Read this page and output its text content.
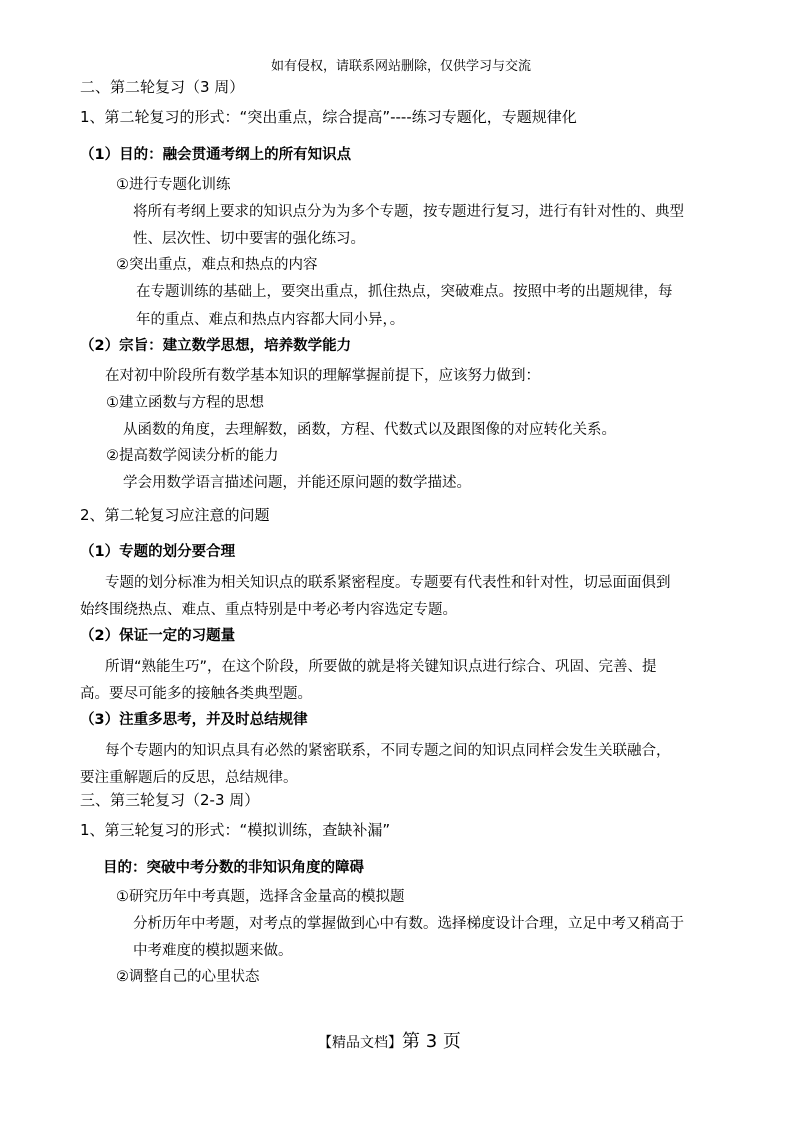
如有侵权，请联系网站删除，仅供学习与交流
二、第二轮复习（3 周）
1、第二轮复习的形式：“突出重点，综合提高”----练习专题化，专题规律化
（1）目的：融会贯通考纲上的所有知识点
①进行专题化训练
将所有考纲上要求的知识点分为为多个专题，按专题进行复习，进行有针对性的、典型
性、层次性、切中要害的强化练习。
②突出重点，难点和热点的内容
在专题训练的基础上，要突出重点，抓住热点，突破难点。按照中考的出题规律，每
年的重点、难点和热点内容都大同小异，。
（2）宗旨：建立数学思想，培养数学能力
在对初中阶段所有数学基本知识的理解掌握前提下，应该努力做到：
①建立函数与方程的思想
从函数的角度，去理解数，函数，方程、代数式以及跟图像的对应转化关系。
②提高数学阅读分析的能力
学会用数学语言描述问题，并能还原问题的数学描述。
2、第二轮复习应注意的问题
（1）专题的划分要合理
专题的划分标准为相关知识点的联系紧密程度。专题要有代表性和针对性，切忌面面俱到
始终围绕热点、难点、重点特别是中考必考内容选定专题。
（2）保证一定的习题量
所谓“熟能生巧”，在这个阶段，所要做的就是将关键知识点进行综合、巩固、完善、提
高。要尽可能多的接触各类典型题。
（3）注重多思考，并及时总结规律
每个专题内的知识点具有必然的紧密联系，不同专题之间的知识点同样会发生关联融合，
要注重解题后的反思，总结规律。
三、第三轮复习（2-3 周）
1、第三轮复习的形式：“模拟训练，查缺补漏”
目的：突破中考分数的非知识角度的障碍
①研究历年中考真题，选择含金量高的模拟题
分析历年中考题，对考点的掌握做到心中有数。选择梯度设计合理，立足中考又稍高于
中考难度的模拟题来做。
②调整自己的心里状态
【精品文档】第 3 页
